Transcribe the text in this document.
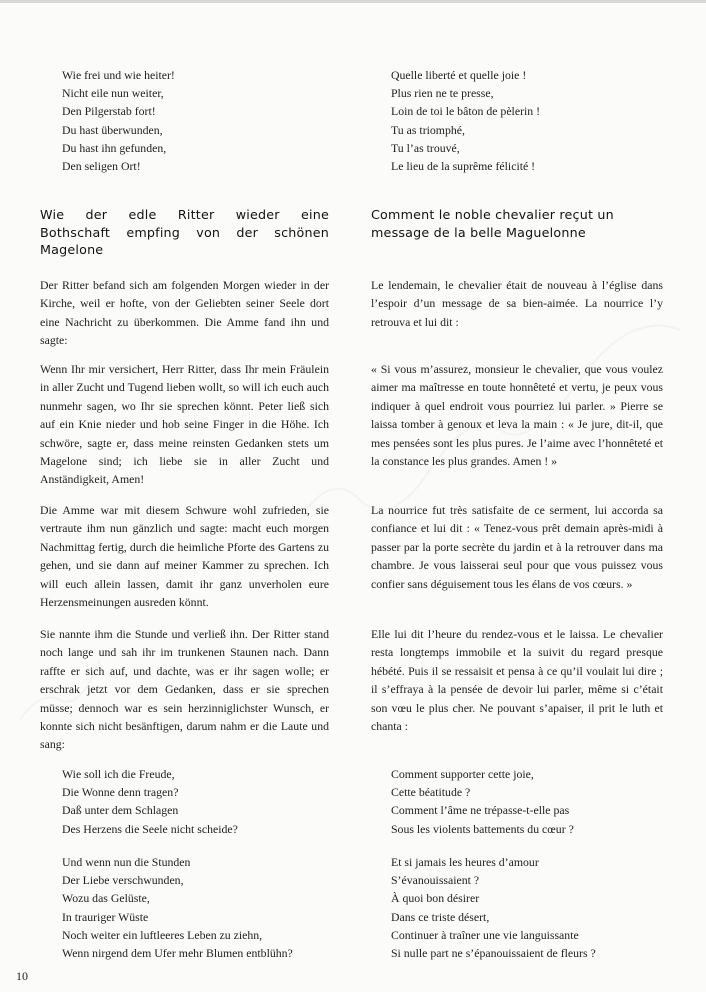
Wie frei und wie heiter!
Nicht eile nun weiter,
Den Pilgerstab fort!
Du hast überwunden,
Du hast ihn gefunden,
Den seligen Ort!
Wie der edle Ritter wieder eine Bothschaft empfing von der schönen Magelone
Der Ritter befand sich am folgenden Morgen wieder in der Kirche, weil er hofte, von der Geliebten seiner Seele dort eine Nachricht zu überkommen. Die Amme fand ihn und sagte:
Wenn Ihr mir versichert, Herr Ritter, dass Ihr mein Fräulein in aller Zucht und Tugend lieben wollt, so will ich euch auch nunmehr sagen, wo Ihr sie sprechen könnt. Peter ließ sich auf ein Knie nieder und hob seine Finger in die Höhe. Ich schwöre, sagte er, dass meine reinsten Gedanken stets um Magelone sind; ich liebe sie in aller Zucht und Anständigkeit, Amen!
Die Amme war mit diesem Schwure wohl zufrieden, sie vertraute ihm nun gänzlich und sagte: macht euch morgen Nachmittag fertig, durch die heimliche Pforte des Gartens zu gehen, und sie dann auf meiner Kammer zu sprechen. Ich will euch allein lassen, damit ihr ganz unverholen eure Herzensmeinungen ausreden könnt.
Sie nannte ihm die Stunde und verließ ihn. Der Ritter stand noch lange und sah ihr im trunkenen Staunen nach. Dann raffte er sich auf, und dachte, was er ihr sagen wolle; er erschrak jetzt vor dem Gedanken, dass er sie sprechen müsse; dennoch war es sein herzinniglichster Wunsch, er konnte sich nicht besänftigen, darum nahm er die Laute und sang:
Wie soll ich die Freude,
Die Wonne denn tragen?
Daß unter dem Schlagen
Des Herzens die Seele nicht scheide?
Und wenn nun die Stunden
Der Liebe verschwunden,
Wozu das Gelüste,
In trauriger Wüste
Noch weiter ein luftleeres Leben zu ziehn,
Wenn nirgend dem Ufer mehr Blumen entblühn?
Quelle liberté et quelle joie !
Plus rien ne te presse,
Loin de toi le bâton de pèlerin !
Tu as triomphé,
Tu l’as trouvé,
Le lieu de la suprême félicité !
Comment le noble chevalier reçut un message de la belle Maguelonne
Le lendemain, le chevalier était de nouveau à l’église dans l’espoir d’un message de sa bien-aimée. La nourrice l’y retrouva et lui dit :
« Si vous m’assurez, monsieur le chevalier, que vous voulez aimer ma maîtresse en toute honnêteté et vertu, je peux vous indiquer à quel endroit vous pourriez lui parler. » Pierre se laissa tomber à genoux et leva la main : « Je jure, dit-il, que mes pensées sont les plus pures. Je l’aime avec l’honnêteté et la constance les plus grandes. Amen ! »
La nourrice fut très satisfaite de ce serment, lui accorda sa confiance et lui dit : « Tenez-vous prêt demain après-midi à passer par la porte secrète du jardin et à la retrouver dans ma chambre. Je vous laisserai seul pour que vous puissez vous confier sans déguisement tous les élans de vos cœurs. »
Elle lui dit l’heure du rendez-vous et le laissa. Le chevalier resta longtemps immobile et la suivit du regard presque hébété. Puis il se ressaisit et pensa à ce qu’il voulait lui dire ; il s’effraya à la pensée de devoir lui parler, même si c’était son vœu le plus cher. Ne pouvant s’apaiser, il prit le luth et chanta :
Comment supporter cette joie,
Cette béatitude ?
Comment l’âme ne trépasse-t-elle pas
Sous les violents battements du cœur ?
Et si jamais les heures d’amour
S’évanouissaient ?
À quoi bon désirer
Dans ce triste désert,
Continuer à traîner une vie languissante
Si nulle part ne s’épanouissaient de fleurs ?
10
